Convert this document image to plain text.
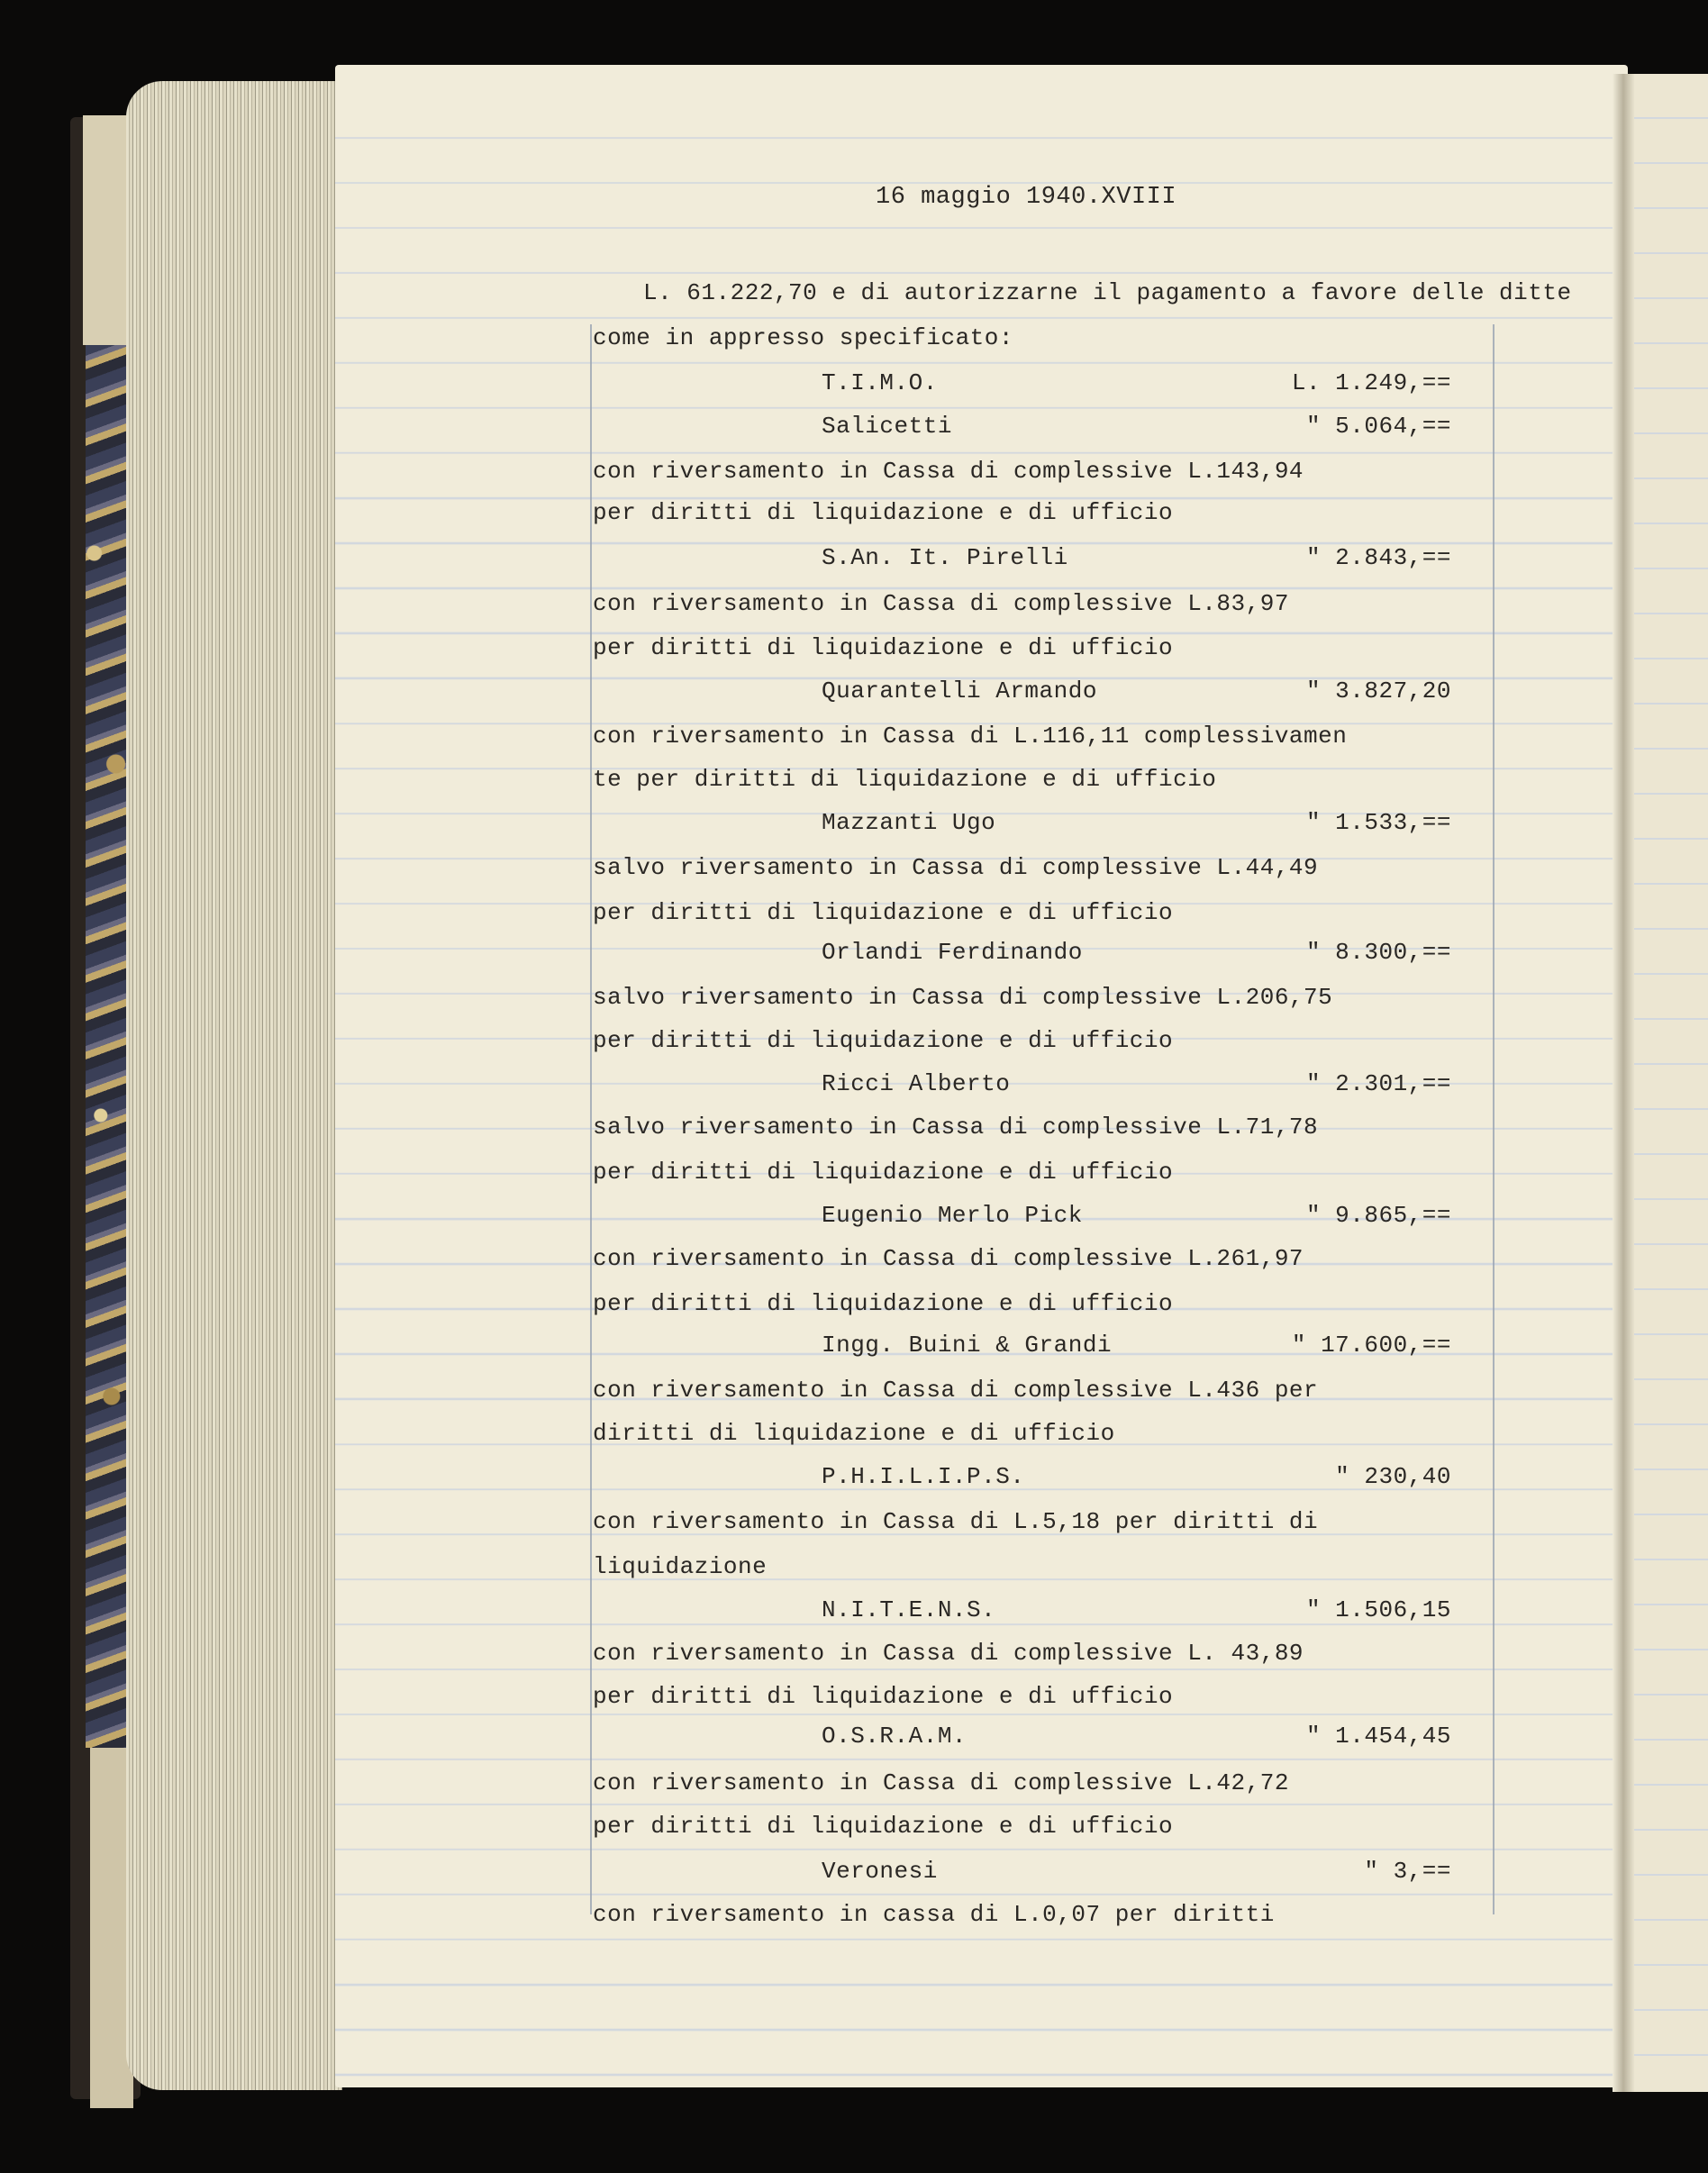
16 maggio 1940.XVIII
L. 61.222,70 e di autorizzarne il pagamento a favore delle ditte
come in appresso specificato:
T.I.M.O.	L. 1.249,==
Salicetti	" 5.064,==
con riversamento in Cassa di complessive L.143,94
per diritti di liquidazione e di ufficio
S.An. It. Pirelli	" 2.843,==
con riversamento in Cassa di complessive L.83,97
per diritti di liquidazione e di ufficio
Quarantelli Armando	" 3.827,20
con riversamento in Cassa di L.116,11 complessivamen
te per diritti di liquidazione e di ufficio
Mazzanti Ugo	" 1.533,==
salvo riversamento in Cassa di complessive L.44,49
per diritti di liquidazione e di ufficio
Orlandi Ferdinando	" 8.300,==
salvo riversamento in Cassa di complessive L.206,75
per diritti di liquidazione e di ufficio
Ricci Alberto	" 2.301,==
salvo riversamento in Cassa di complessive L.71,78
per diritti di liquidazione e di ufficio
Eugenio Merlo Pick	" 9.865,==
con riversamento in Cassa di complessive L.261,97
per diritti di liquidazione e di ufficio
Ingg. Buini & Grandi	" 17.600,==
con riversamento in Cassa di complessive L.436 per
diritti di liquidazione e di ufficio
P.H.I.L.I.P.S.	" 230,40
con riversamento in Cassa di L.5,18 per diritti di
liquidazione
N.I.T.E.N.S.	" 1.506,15
con riversamento in Cassa di complessive L. 43,89
per diritti di liquidazione e di ufficio
O.S.R.A.M.	" 1.454,45
con riversamento in Cassa di complessive L.42,72
per diritti di liquidazione e di ufficio
Veronesi	" 3,==
con riversamento in cassa di L.0,07 per diritti
